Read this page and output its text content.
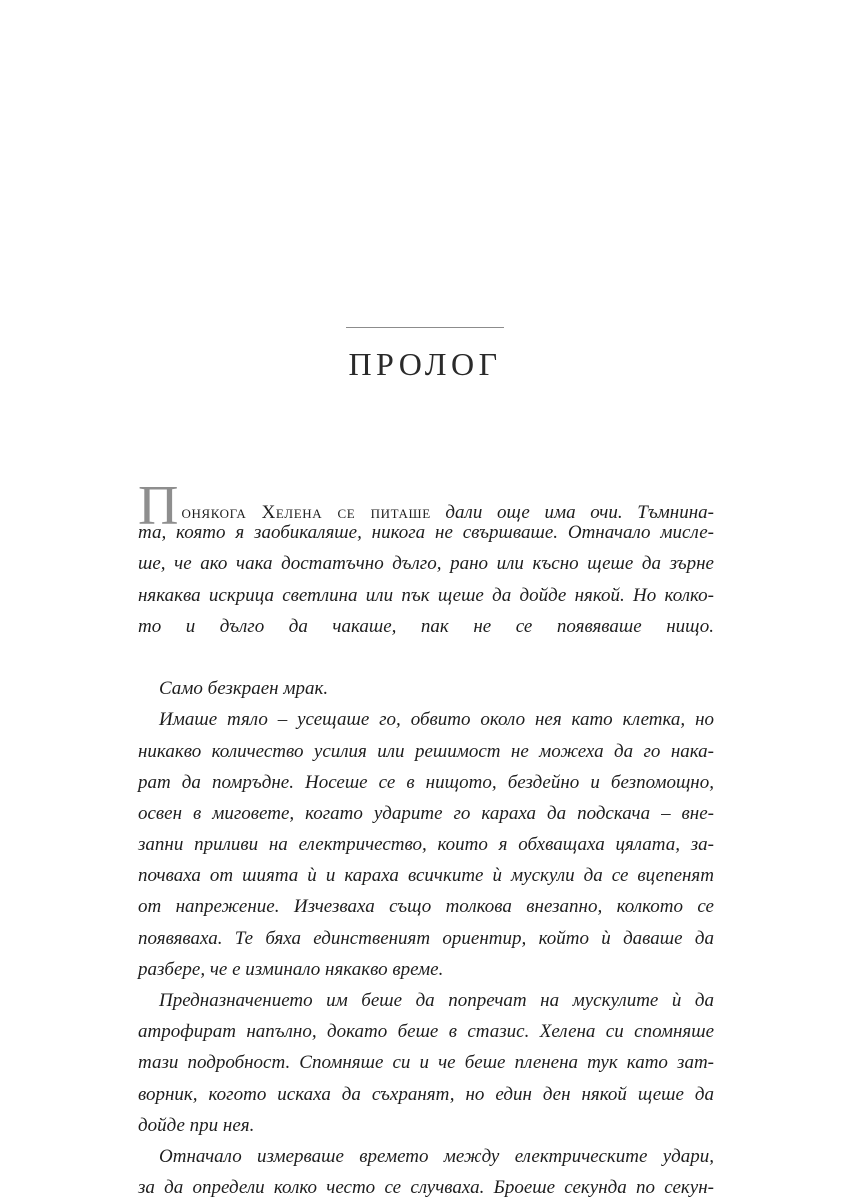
ПРОЛОГ
Понякога Хелена се питаше дали още има очи. Тъмнина-
та, която я заобикаляше, никога не свършваше. Отначало мисле-
ше, че ако чака достатъчно дълго, рано или късно щеше да зърне
някаква искрица светлина или пък щеше да дойде някой. Но колко-
то и дълго да чакаше, пак не се появяваше нищо.
Само безкраен мрак.
Имаше тяло – усещаше го, обвито около нея като клетка, но
никакво количество усилия или решимост не можеха да го нака-
рат да помръдне. Носеше се в нищото, бездейно и безпомощно,
освен в миговете, когато ударите го караха да подскача – вне-
запни приливи на електричество, които я обхващаха цялата, за-
почваха от шията ѝ и караха всичките ѝ мускули да се вцепенят
от напрежение. Изчезваха също толкова внезапно, колкото се
появяваха. Те бяха единственият ориентир, който ѝ даваше да
разбере, че е изминало някакво време.
Предназначението им беше да попречат на мускулите ѝ да
атрофират напълно, докато беше в стазис. Хелена си спомняше
тази подробност. Спомняше си и че беше пленена тук като зат-
ворник, когото искаха да съхранят, но един ден някой щеше да
дойде при нея.
Отначало измерваше времето между електрическите удари,
за да определи колко често се случваха. Броеше секунда по секун-
